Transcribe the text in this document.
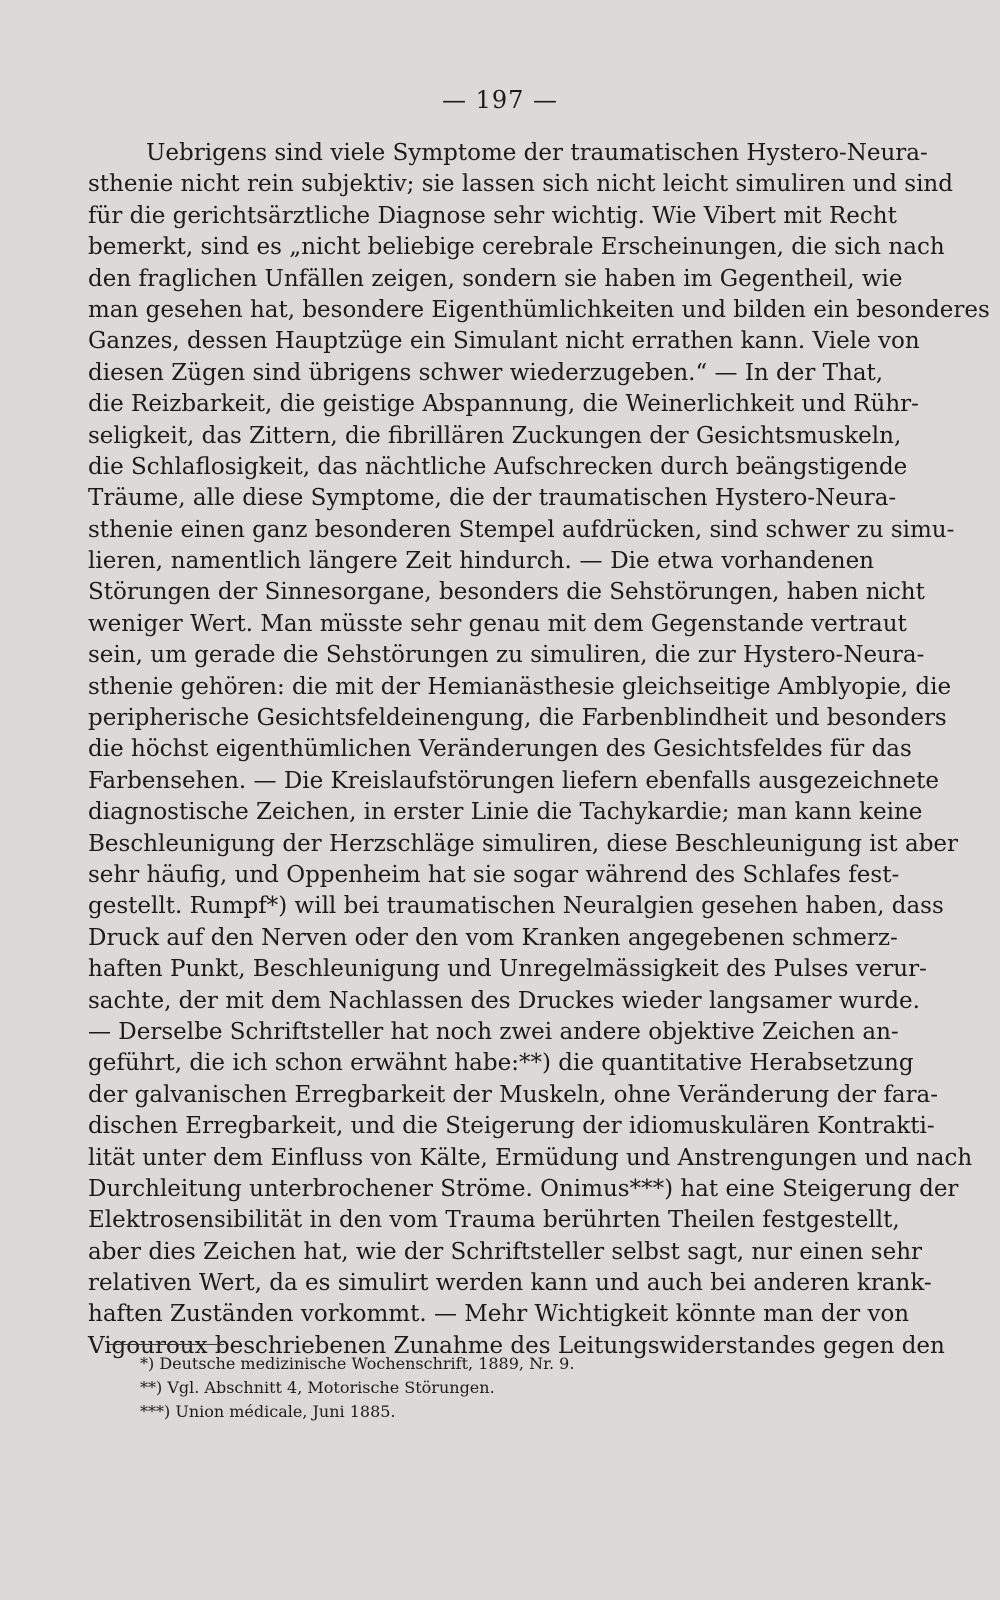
— 197 —
Uebrigens sind viele Symptome der traumatischen Hystero-Neura-
sthenie nicht rein subjektiv; sie lassen sich nicht leicht simuliren und sind
für die gerichtsärztliche Diagnose sehr wichtig. Wie Vibert mit Recht
bemerkt, sind es „nicht beliebige cerebrale Erscheinungen, die sich nach
den fraglichen Unfällen zeigen, sondern sie haben im Gegentheil, wie
man gesehen hat, besondere Eigenthümlichkeiten und bilden ein besonderes
Ganzes, dessen Hauptzüge ein Simulant nicht errathen kann. Viele von
diesen Zügen sind übrigens schwer wiederzugeben.“ — In der That,
die Reizbarkeit, die geistige Abspannung, die Weinerlichkeit und Rühr-
seligkeit, das Zittern, die fibrillären Zuckungen der Gesichtsmuskeln,
die Schlaflosigkeit, das nächtliche Aufschrecken durch beängstigende
Träume, alle diese Symptome, die der traumatischen Hystero-Neura-
sthenie einen ganz besonderen Stempel aufdrücken, sind schwer zu simu-
lieren, namentlich längere Zeit hindurch. — Die etwa vorhandenen
Störungen der Sinnesorgane, besonders die Sehstörungen, haben nicht
weniger Wert. Man müsste sehr genau mit dem Gegenstande vertraut
sein, um gerade die Sehstörungen zu simuliren, die zur Hystero-Neura-
sthenie gehören: die mit der Hemianästhesie gleichseitige Amblyopie, die
peripherische Gesichtsfeldeinengung, die Farbenblindheit und besonders
die höchst eigenthümlichen Veränderungen des Gesichtsfeldes für das
Farbensehen. — Die Kreislaufstörungen liefern ebenfalls ausgezeichnete
diagnostische Zeichen, in erster Linie die Tachykardie; man kann keine
Beschleunigung der Herzschläge simuliren, diese Beschleunigung ist aber
sehr häufig, und Oppenheim hat sie sogar während des Schlafes fest-
gestellt. Rumpf*) will bei traumatischen Neuralgien gesehen haben, dass
Druck auf den Nerven oder den vom Kranken angegebenen schmerz-
haften Punkt, Beschleunigung und Unregelmässigkeit des Pulses verur-
sachte, der mit dem Nachlassen des Druckes wieder langsamer wurde.
— Derselbe Schriftsteller hat noch zwei andere objektive Zeichen an-
geführt, die ich schon erwähnt habe:**) die quantitative Herabsetzung
der galvanischen Erregbarkeit der Muskeln, ohne Veränderung der fara-
dischen Erregbarkeit, und die Steigerung der idiomuskulären Kontrakti-
lität unter dem Einfluss von Kälte, Ermüdung und Anstrengungen und nach
Durchleitung unterbrochener Ströme. Onimus***) hat eine Steigerung der
Elektrosensibilität in den vom Trauma berührten Theilen festgestellt,
aber dies Zeichen hat, wie der Schriftsteller selbst sagt, nur einen sehr
relativen Wert, da es simulirt werden kann und auch bei anderen krank-
haften Zuständen vorkommt. — Mehr Wichtigkeit könnte man der von
Vigouroux beschriebenen Zunahme des Leitungswiderstandes gegen den
*) Deutsche medizinische Wochenschrift, 1889, Nr. 9.
**) Vgl. Abschnitt 4, Motorische Störungen.
***) Union médicale, Juni 1885.
